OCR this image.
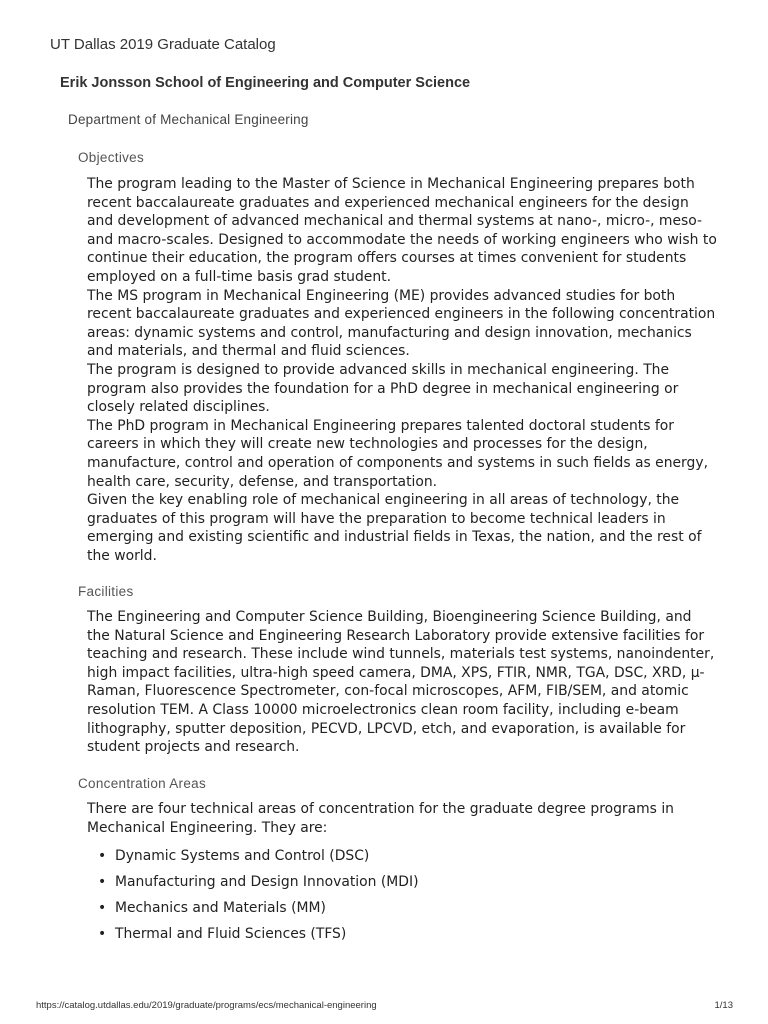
UT Dallas 2019 Graduate Catalog
Erik Jonsson School of Engineering and Computer Science
Department of Mechanical Engineering
Objectives

The program leading to the Master of Science in Mechanical Engineering prepares both recent baccalaureate graduates and experienced mechanical engineers for the design and development of advanced mechanical and thermal systems at nano-, micro-, meso- and macro-scales. Designed to accommodate the needs of working engineers who wish to continue their education, the program offers courses at times convenient for students employed on a full-time basis grad student.

The MS program in Mechanical Engineering (ME) provides advanced studies for both recent baccalaureate graduates and experienced engineers in the following concentration areas: dynamic systems and control, manufacturing and design innovation, mechanics and materials, and thermal and fluid sciences.

The program is designed to provide advanced skills in mechanical engineering. The program also provides the foundation for a PhD degree in mechanical engineering or closely related disciplines.

The PhD program in Mechanical Engineering prepares talented doctoral students for careers in which they will create new technologies and processes for the design, manufacture, control and operation of components and systems in such fields as energy, health care, security, defense, and transportation.

Given the key enabling role of mechanical engineering in all areas of technology, the graduates of this program will have the preparation to become technical leaders in emerging and existing scientific and industrial fields in Texas, the nation, and the rest of the world.

Facilities

The Engineering and Computer Science Building, Bioengineering Science Building, and the Natural Science and Engineering Research Laboratory provide extensive facilities for teaching and research. These include wind tunnels, materials test systems, nanoindenter, high impact facilities, ultra-high speed camera, DMA, XPS, FTIR, NMR, TGA, DSC, XRD, μ-Raman, Fluorescence Spectrometer, con-focal microscopes, AFM, FIB/SEM, and atomic resolution TEM. A Class 10000 microelectronics clean room facility, including e-beam lithography, sputter deposition, PECVD, LPCVD, etch, and evaporation, is available for student projects and research.

Concentration Areas

There are four technical areas of concentration for the graduate degree programs in Mechanical Engineering. They are:

• Dynamic Systems and Control (DSC)
• Manufacturing and Design Innovation (MDI)
• Mechanics and Materials (MM)
• Thermal and Fluid Sciences (TFS)
https://catalog.utdallas.edu/2019/graduate/programs/ecs/mechanical-engineering	1/13
